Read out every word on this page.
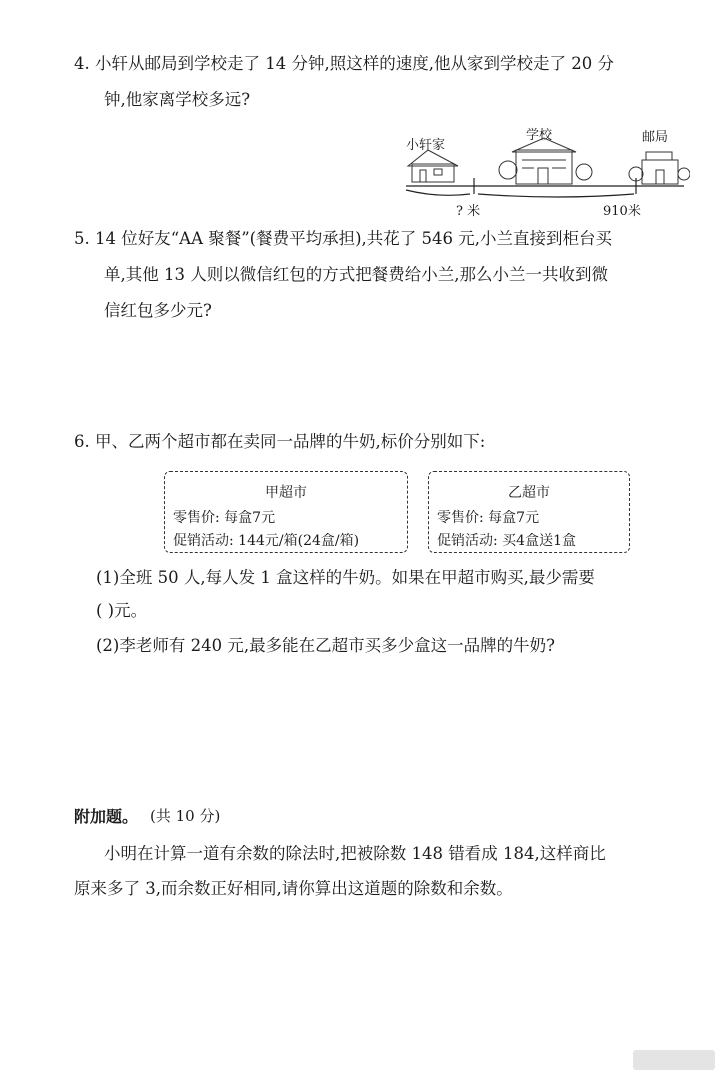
4. 小轩从邮局到学校走了 14 分钟,照这样的速度,他从家到学校走了 20 分
钟,他家离学校多远?
小轩家
学校	邮局
? 米	910米
5. 14 位好友“AA 聚餐”(餐费平均承担),共花了 546 元,小兰直接到柜台买
单,其他 13 人则以微信红包的方式把餐费给小兰,那么小兰一共收到微
信红包多少元?
6. 甲、乙两个超市都在卖同一品牌的牛奶,标价分别如下:
甲超市
零售价: 每盒7元
促销活动: 144元/箱(24盒/箱)
乙超市
零售价: 每盒7元
促销活动: 买4盒送1盒
(1)全班 50 人,每人发 1 盒这样的牛奶。如果在甲超市购买,最少需要
( )元。
(2)李老师有 240 元,最多能在乙超市买多少盒这一品牌的牛奶?
附加题。 (共 10 分)
小明在计算一道有余数的除法时,把被除数 148 错看成 184,这样商比
原来多了 3,而余数正好相同,请你算出这道题的除数和余数。
